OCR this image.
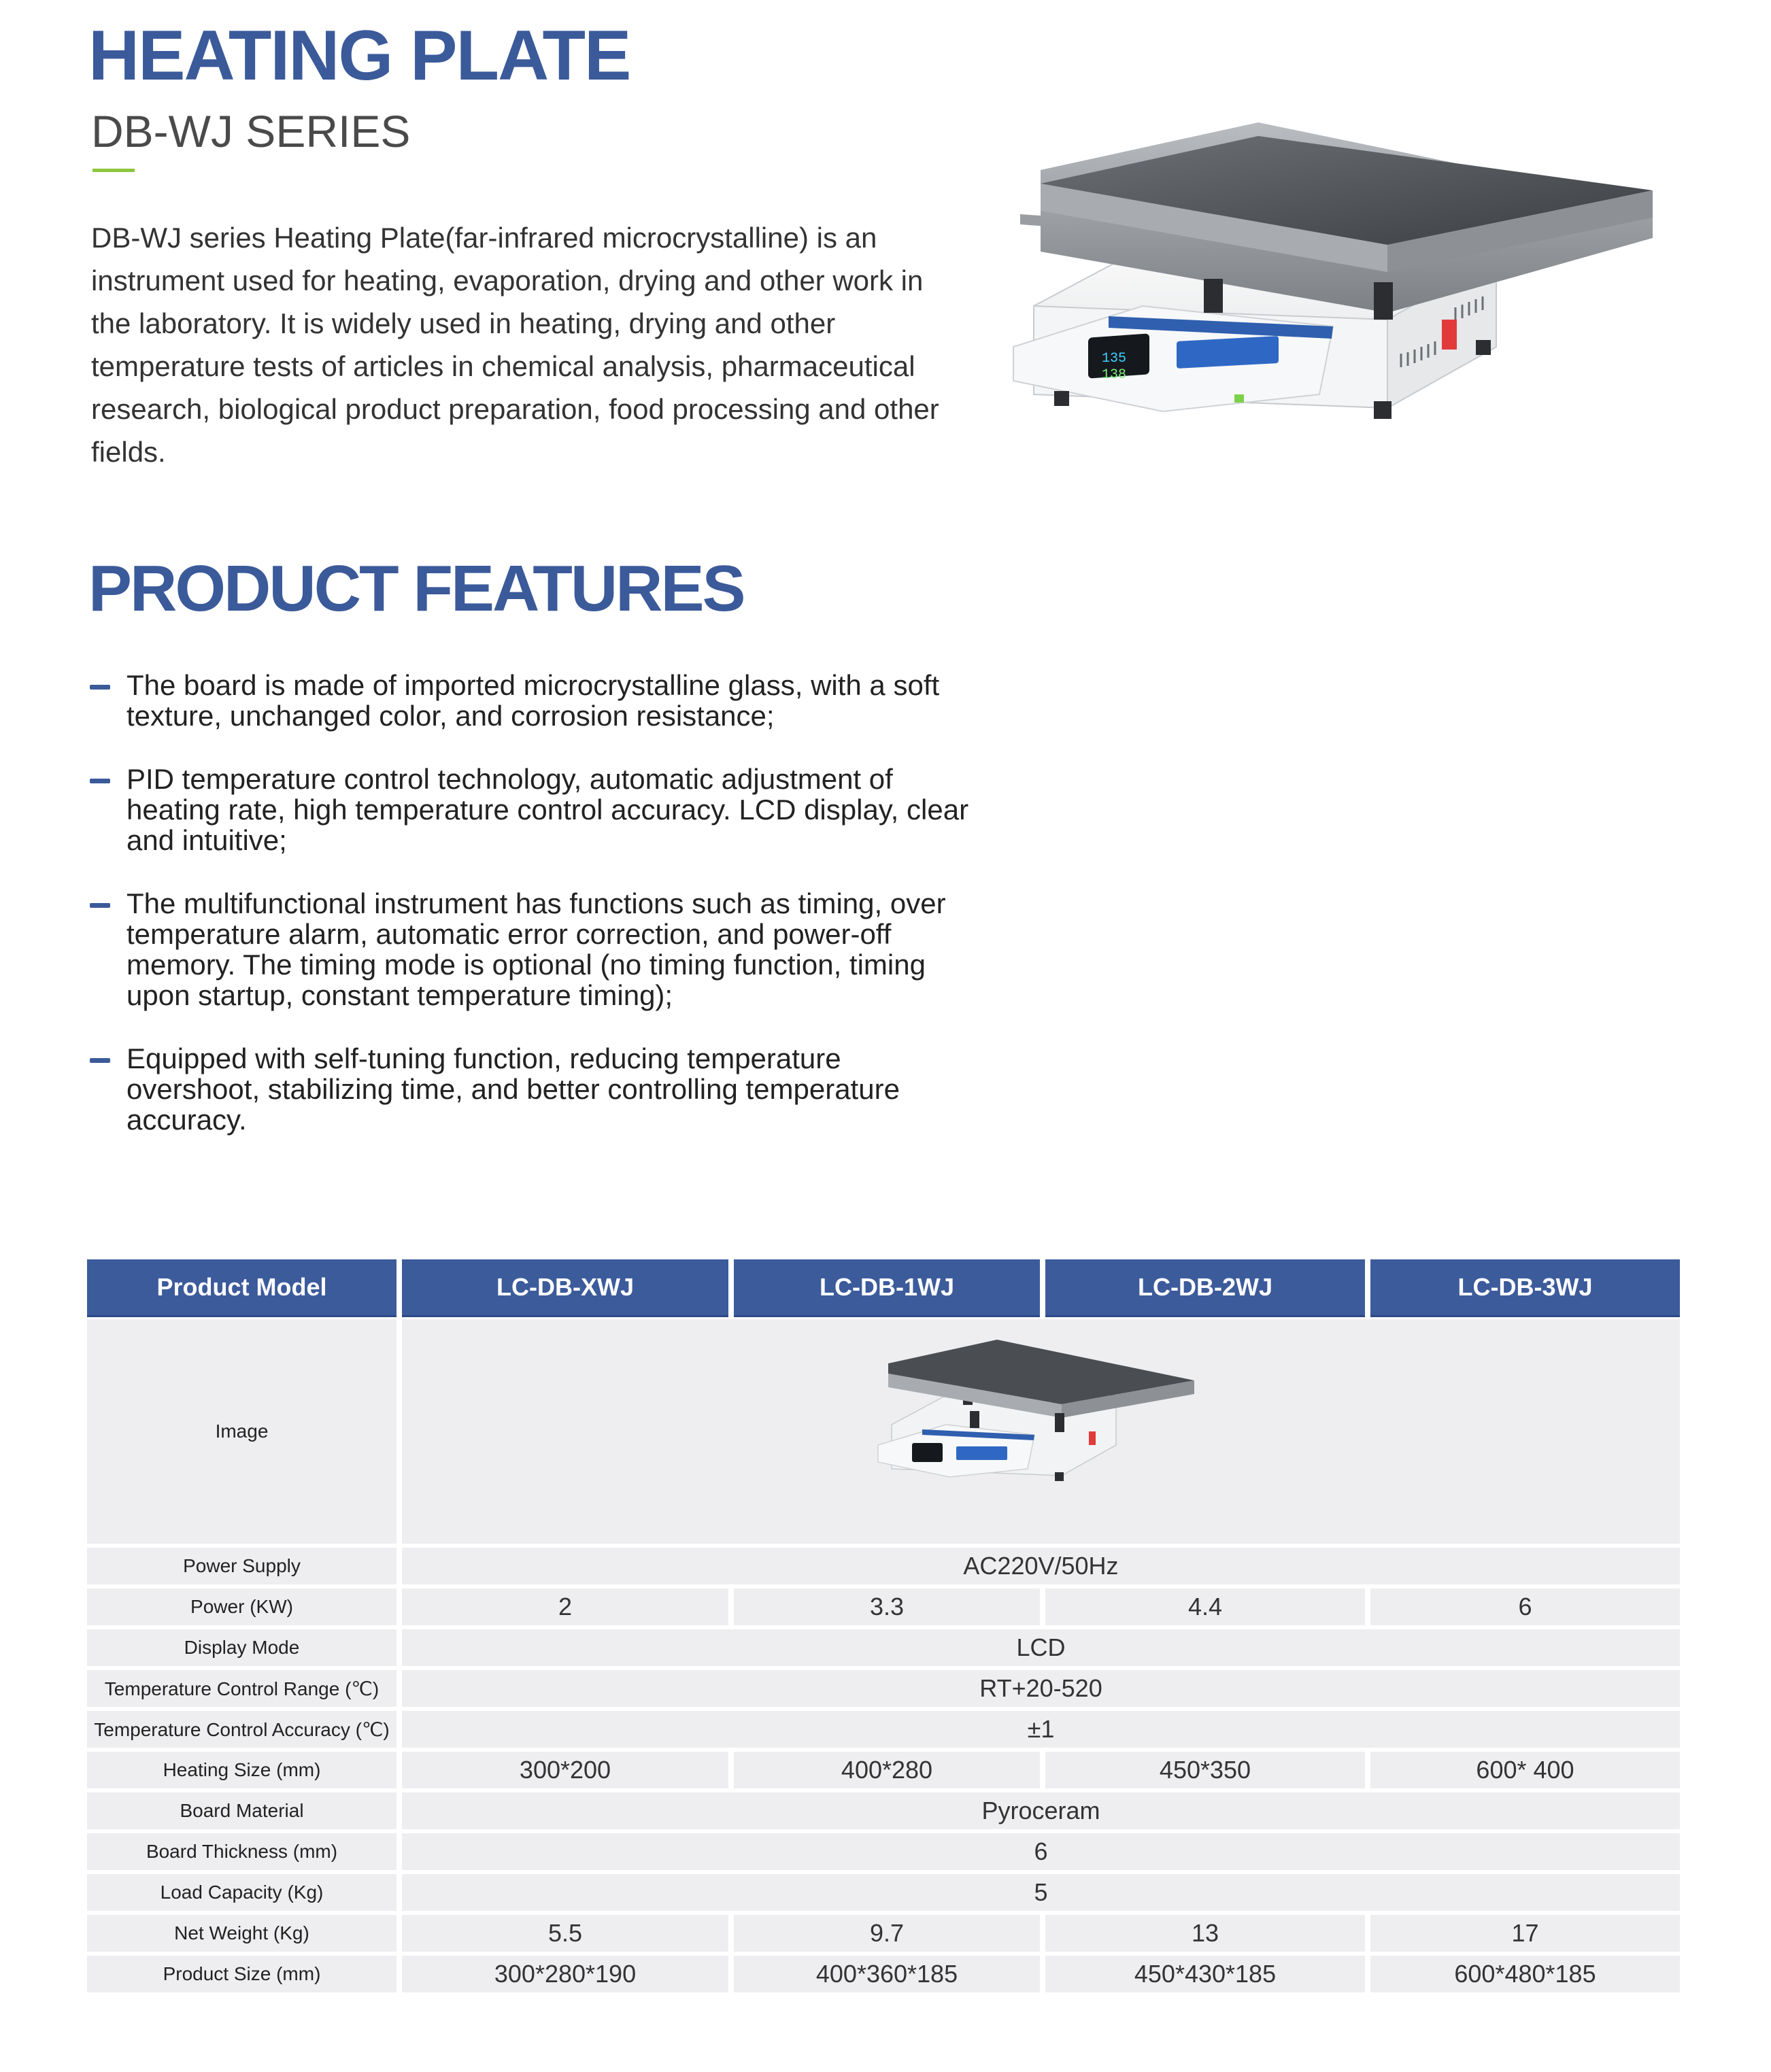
HEATING PLATE
DB-WJ SERIES

DB-WJ series Heating Plate(far-infrared microcrystalline) is an instrument used for heating, evaporation, drying and other work in the laboratory. It is widely used in heating, drying and other temperature tests of articles in chemical analysis, pharmaceutical research, biological product preparation, food processing and other fields.

135
138
PRODUCT FEATURES
The board is made of imported microcrystalline glass, with a soft texture, unchanged color, and corrosion resistance;
PID temperature control technology, automatic adjustment of heating rate, high temperature control accuracy. LCD display, clear and intuitive;
The multifunctional instrument has functions such as timing, over temperature alarm, automatic error correction, and power-off memory. The timing mode is optional (no timing function, timing upon startup, constant temperature timing);
Equipped with self-tuning function, reducing temperature overshoot, stabilizing time, and better controlling temperature accuracy.
Product Model	LC-DB-XWJ	LC-DB-1WJ	LC-DB-2WJ	LC-DB-3WJ
Image	

Power Supply	AC220V/50Hz			
Power (KW)	2	3.3	4.4	6
Display Mode	LCD			
Temperature Control Range (℃)	RT+20-520			
Temperature Control Accuracy (℃)	±1			
Heating Size (mm)	300*200	400*280	450*350	600* 400
Board Material	Pyroceram			
Board Thickness (mm)	6			
Load Capacity (Kg)	5			
Net Weight (Kg)	5.5	9.7	13	17
Product Size (mm)	300*280*190	400*360*185	450*430*185	600*480*185
